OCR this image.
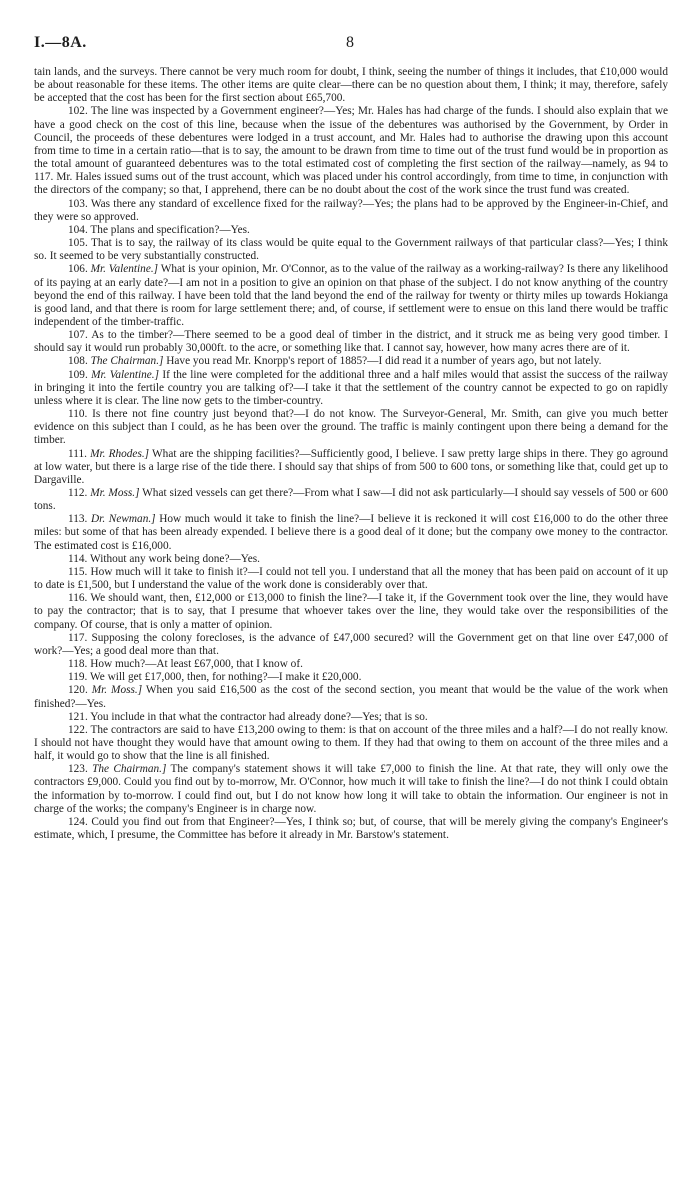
I.—8A.	8

tain lands, and the surveys. There cannot be very much room for doubt, I think, seeing the number of things it includes, that £10,000 would be about reasonable for these items. The other items are quite clear—there can be no question about them, I think; it may, therefore, safely be accepted that the cost has been for the first section about £65,700.

102. The line was inspected by a Government engineer?—Yes; Mr. Hales has had charge of the funds. I should also explain that we have a good check on the cost of this line, because when the issue of the debentures was authorised by the Government, by Order in Council, the proceeds of these debentures were lodged in a trust account, and Mr. Hales had to authorise the drawing upon this account from time to time in a certain ratio—that is to say, the amount to be drawn from time to time out of the trust fund would be in proportion as the total amount of guaranteed debentures was to the total estimated cost of completing the first section of the railway—namely, as 94 to 117. Mr. Hales issued sums out of the trust account, which was placed under his control accordingly, from time to time, in conjunction with the directors of the company; so that, I apprehend, there can be no doubt about the cost of the work since the trust fund was created.

103. Was there any standard of excellence fixed for the railway?—Yes; the plans had to be approved by the Engineer-in-Chief, and they were so approved.

104. The plans and specification?—Yes.

105. That is to say, the railway of its class would be quite equal to the Government railways of that particular class?—Yes; I think so. It seemed to be very substantially constructed.

106. Mr. Valentine.] What is your opinion, Mr. O'Connor, as to the value of the railway as a working-railway? Is there any likelihood of its paying at an early date?—I am not in a position to give an opinion on that phase of the subject. I do not know anything of the country beyond the end of this railway. I have been told that the land beyond the end of the railway for twenty or thirty miles up towards Hokianga is good land, and that there is room for large settlement there; and, of course, if settlement were to ensue on this land there would be traffic independent of the timber-traffic.

107. As to the timber?—There seemed to be a good deal of timber in the district, and it struck me as being very good timber. I should say it would run probably 30,000ft. to the acre, or something like that. I cannot say, however, how many acres there are of it.

108. The Chairman.] Have you read Mr. Knorpp's report of 1885?—I did read it a number of years ago, but not lately.

109. Mr. Valentine.] If the line were completed for the additional three and a half miles would that assist the success of the railway in bringing it into the fertile country you are talking of?—I take it that the settlement of the country cannot be expected to go on rapidly unless where it is clear. The line now gets to the timber-country.

110. Is there not fine country just beyond that?—I do not know. The Surveyor-General, Mr. Smith, can give you much better evidence on this subject than I could, as he has been over the ground. The traffic is mainly contingent upon there being a demand for the timber.

111. Mr. Rhodes.] What are the shipping facilities?—Sufficiently good, I believe. I saw pretty large ships in there. They go aground at low water, but there is a large rise of the tide there. I should say that ships of from 500 to 600 tons, or something like that, could get up to Dargaville.

112. Mr. Moss.] What sized vessels can get there?—From what I saw—I did not ask particularly—I should say vessels of 500 or 600 tons.

113. Dr. Newman.] How much would it take to finish the line?—I believe it is reckoned it will cost £16,000 to do the other three miles: but some of that has been already expended. I believe there is a good deal of it done; but the company owe money to the contractor. The estimated cost is £16,000.

114. Without any work being done?—Yes.

115. How much will it take to finish it?—I could not tell you. I understand that all the money that has been paid on account of it up to date is £1,500, but I understand the value of the work done is considerably over that.

116. We should want, then, £12,000 or £13,000 to finish the line?—I take it, if the Government took over the line, they would have to pay the contractor; that is to say, that I presume that whoever takes over the line, they would take over the responsibilities of the company. Of course, that is only a matter of opinion.

117. Supposing the colony forecloses, is the advance of £47,000 secured? will the Government get on that line over £47,000 of work?—Yes; a good deal more than that.

118. How much?—At least £67,000, that I know of.

119. We will get £17,000, then, for nothing?—I make it £20,000.

120. Mr. Moss.] When you said £16,500 as the cost of the second section, you meant that would be the value of the work when finished?—Yes.

121. You include in that what the contractor had already done?—Yes; that is so.

122. The contractors are said to have £13,200 owing to them: is that on account of the three miles and a half?—I do not really know. I should not have thought they would have that amount owing to them. If they had that owing to them on account of the three miles and a half, it would go to show that the line is all finished.

123. The Chairman.] The company's statement shows it will take £7,000 to finish the line. At that rate, they will only owe the contractors £9,000. Could you find out by to-morrow, Mr. O'Connor, how much it will take to finish the line?—I do not think I could obtain the information by to-morrow. I could find out, but I do not know how long it will take to obtain the information. Our engineer is not in charge of the works; the company's Engineer is in charge now.

124. Could you find out from that Engineer?—Yes, I think so; but, of course, that will be merely giving the company's Engineer's estimate, which, I presume, the Committee has before it already in Mr. Barstow's statement.
